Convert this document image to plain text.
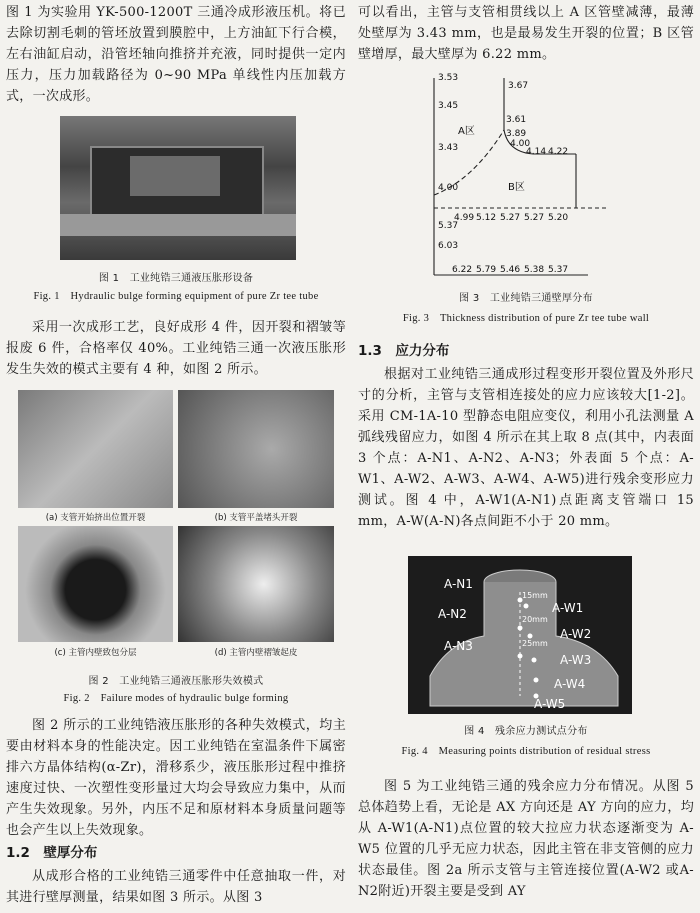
图 1 为实验用 YK-500-1200T 三通冷成形液压机。将已去除切割毛刺的管坯放置到膜腔中，上方油缸下行合模，左右油缸启动，沿管坯轴向推挤并充液，同时提供一定内压力，压力加载路径为 0~90 MPa 单线性内压加载方式，一次成形。

图 1　工业纯锆三通液压胀形设备

Fig. 1　Hydraulic bulge forming equipment of pure Zr tee tube

采用一次成形工艺，良好成形 4 件，因开裂和褶皱等报废 6 件，合格率仅 40%。工业纯锆三通一次液压胀形发生失效的模式主要有 4 种，如图 2 所示。

(a) 支管开始挤出位置开裂	(b) 支管平盖堵头开裂
(c) 主管内壁致包分层	(d) 主管内壁褶皱起皮

图 2　工业纯锆三通液压胀形失效模式

Fig. 2　Failure modes of hydraulic bulge forming

图 2 所示的工业纯锆液压胀形的各种失效模式，均主要由材料本身的性能决定。因工业纯锆在室温条件下属密排六方晶体结构(α-Zr)，滑移系少，液压胀形过程中推挤速度过快、一次塑性变形量过大均会导致应力集中，从而产生失效现象。另外，内压不足和原材料本身质量问题等也会产生以上失效现象。

1.2　壁厚分布

从成形合格的工业纯锆三通零件中任意抽取一件，对其进行壁厚测量，结果如图 3 所示。从图 3

可以看出，主管与支管相贯线以上 A 区管壁减薄，最薄处壁厚为 3.43 mm，也是最易发生开裂的位置；B 区管壁增厚，最大壁厚为 6.22 mm。

3.53
3.67
3.45
3.43
4.00
5.37
6.03
3.61
3.89
4.00
4.14 4.22
4.99 5.12 5.27 5.27 5.20
6.22 5.79 5.46 5.38 5.37
A区
B区

图 3　工业纯锆三通壁厚分布

Fig. 3　Thickness distribution of pure Zr tee tube wall

1.3　应力分布

根据对工业纯锆三通成形过程变形开裂位置及外形尺寸的分析，主管与支管相连接处的应力应该较大[1-2]。采用 CM-1A-10 型静态电阻应变仪，利用小孔法测量 A 弧线残留应力，如图 4 所示在其上取 8 点(其中，内表面 3 个点：A-N1、A-N2、A-N3；外表面 5 个点：A-W1、A-W2、A-W3、A-W4、A-W5)进行残余变形应力测试。图 4 中，A-W1(A-N1)点距离支管端口 15 mm，A-W(A-N)各点间距不小于 20 mm。

A-N1
A-N2
A-N3
A-W1
A-W2
A-W3
A-W4
A-W5
15mm
20mm
25mm

图 4　残余应力测试点分布

Fig. 4　Measuring points distribution of residual stress

图 5 为工业纯锆三通的残余应力分布情况。从图 5 总体趋势上看，无论是 AX 方向还是 AY 方向的应力，均从 A-W1(A-N1)点位置的较大拉应力状态逐渐变为 A-W5 位置的几乎无应力状态，因此主管在非支管侧的应力状态最佳。图 2a 所示支管与主管连接位置(A-W2 或A-N2附近)开裂主要是受到 AY
